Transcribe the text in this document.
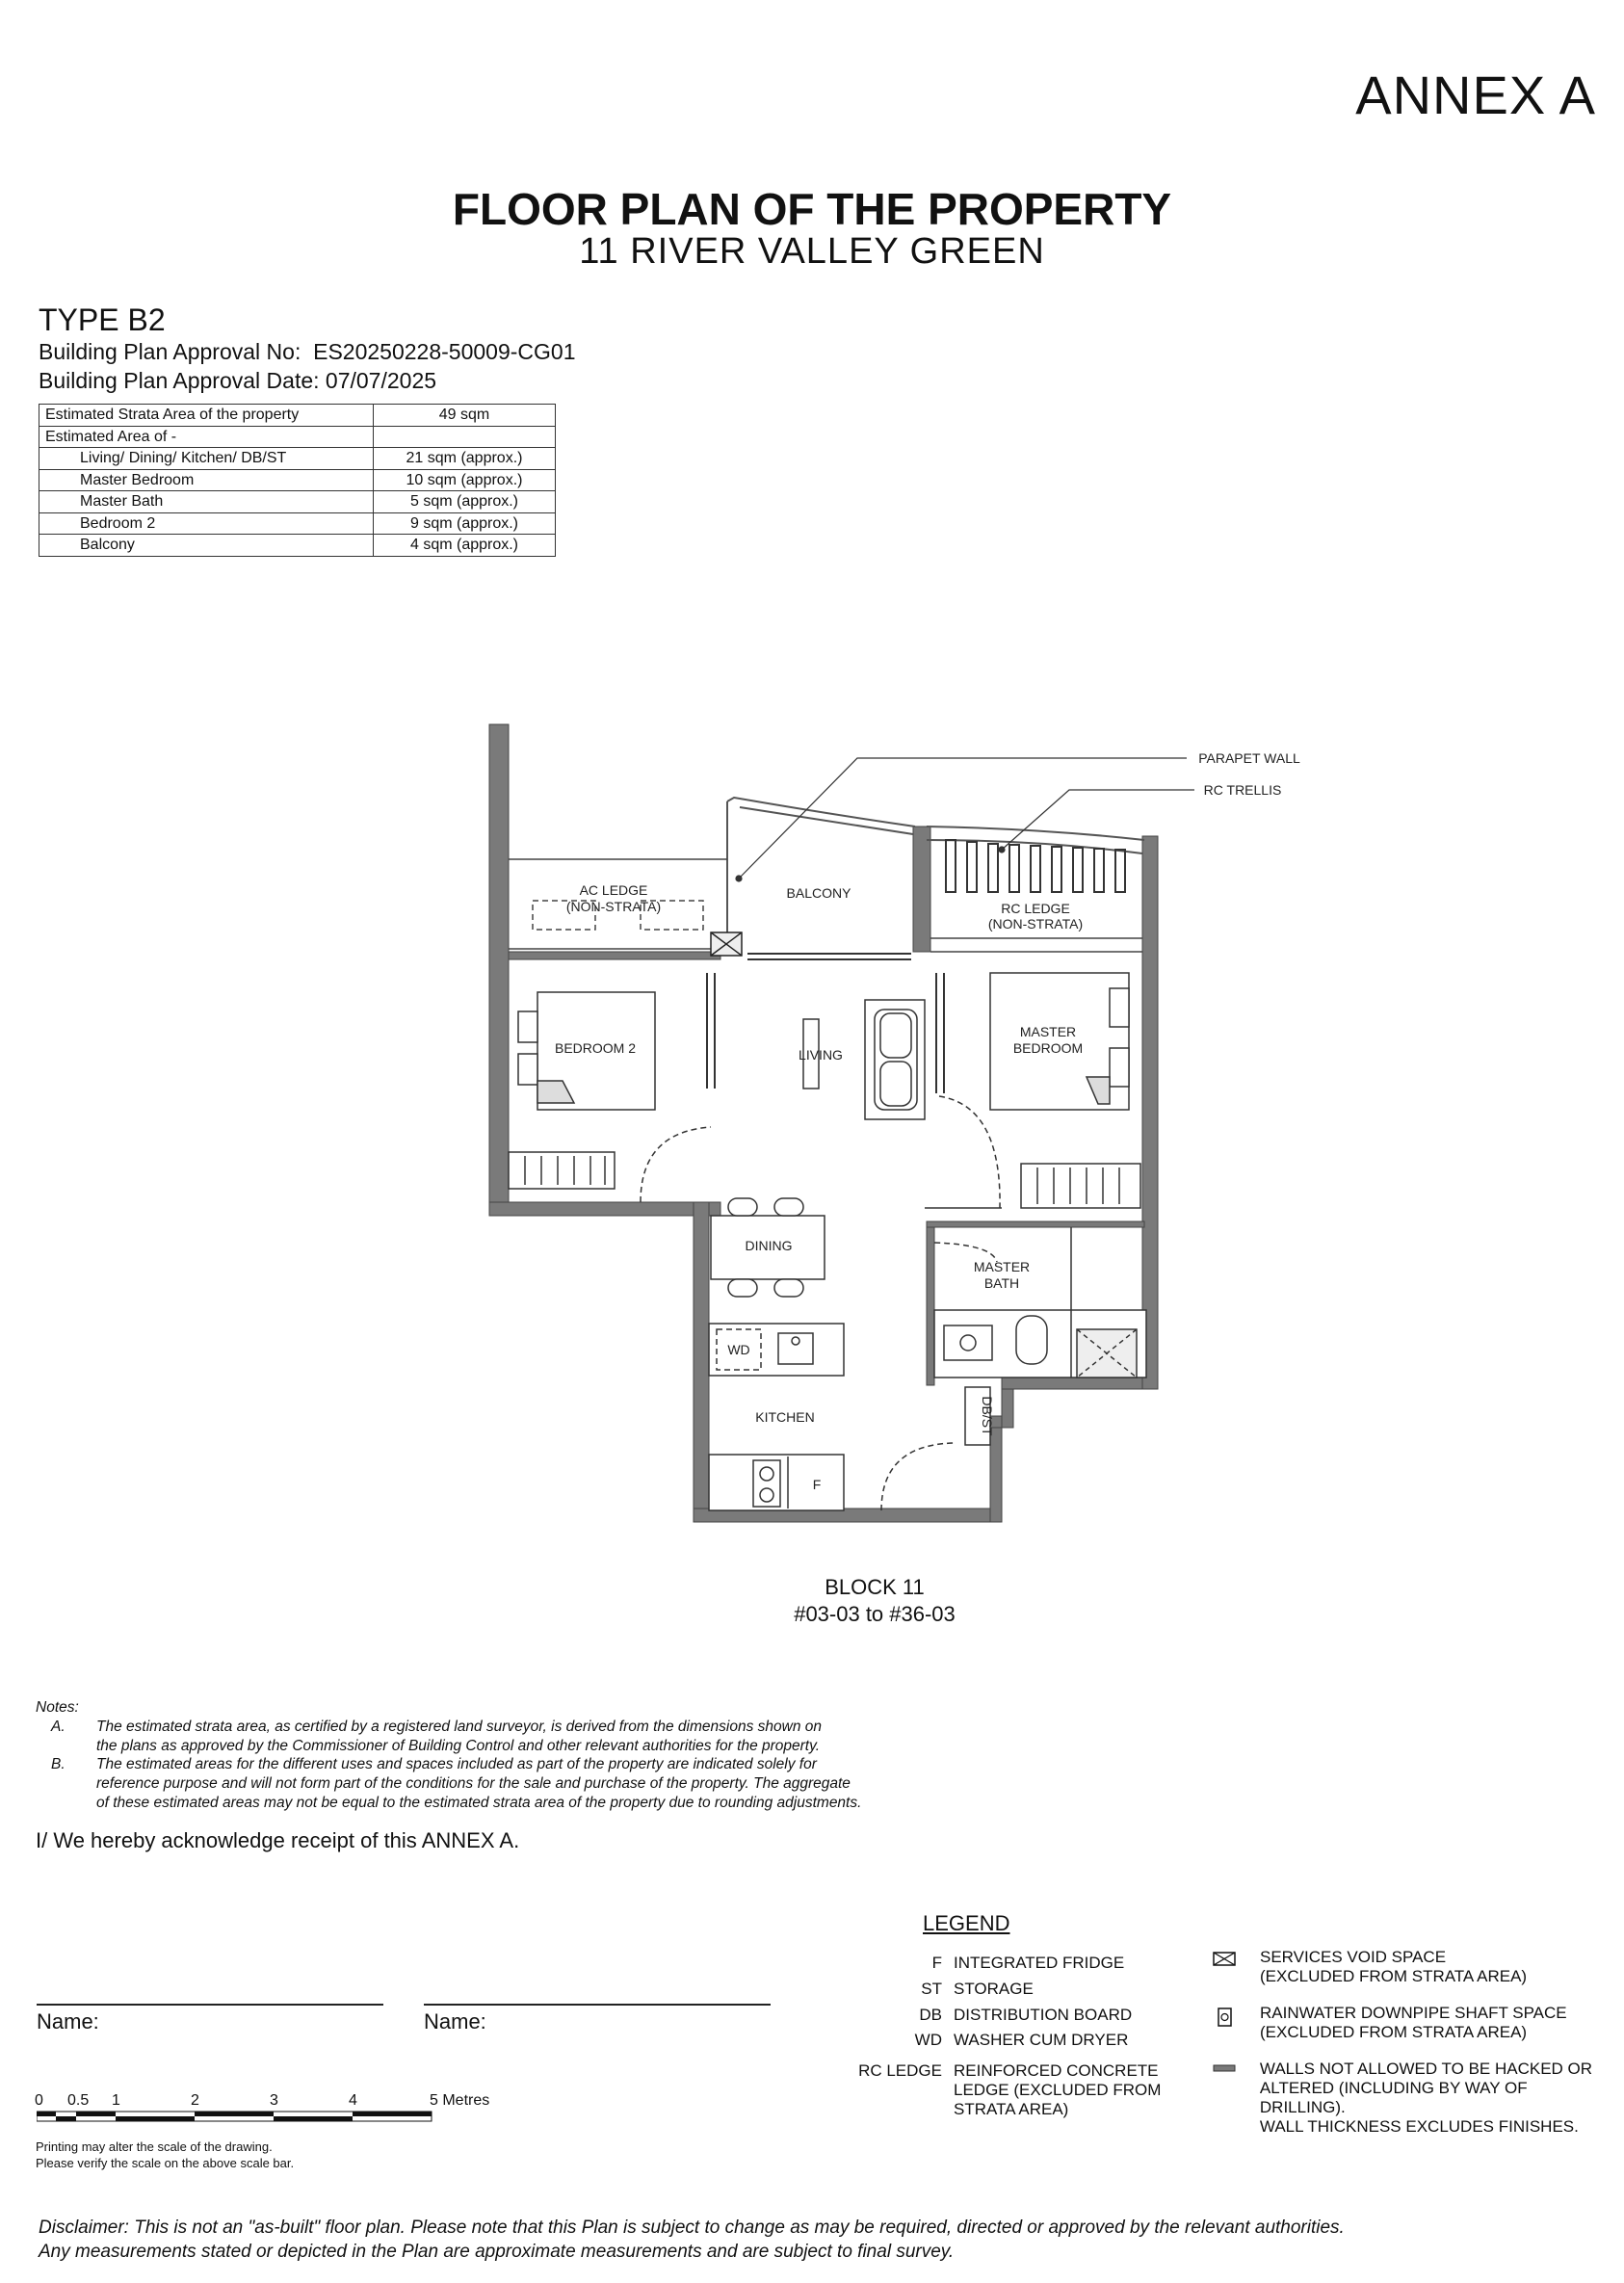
ANNEX A
FLOOR PLAN OF THE PROPERTY
11 RIVER VALLEY GREEN
TYPE B2
Building Plan Approval No: ES20250228-50009-CG01
Building Plan Approval Date: 07/07/2025
Estimated Strata Area of the property	49 sqm
Estimated Area of -	
Living/ Dining/ Kitchen/ DB/ST	21 sqm (approx.)
Master Bedroom	10 sqm (approx.)
Master Bath	5 sqm (approx.)
Bedroom 2	9 sqm (approx.)
Balcony	4 sqm (approx.)
PARAPET WALL
RC TRELLIS
AC LEDGE
(NON-STRATA)
BALCONY
RC LEDGE
(NON-STRATA)
BEDROOM 2	LIVING
MASTER
BEDROOM
DINING
MASTER
BATH
WD
KITCHEN
F
DB/ST
BLOCK 11
#03-03 to #36-03
Notes:
A.	The estimated strata area, as certified by a registered land surveyor, is derived from the dimensions shown on
the plans as approved by the Commissioner of Building Control and other relevant authorities for the property.
B.	The estimated areas for the different uses and spaces included as part of the property are indicated solely for
reference purpose and will not form part of the conditions for the sale and purchase of the property. The aggregate
of these estimated areas may not be equal to the estimated strata area of the property due to rounding adjustments.
I/ We hereby acknowledge receipt of this ANNEX A.
Name:	Name:
0 0.5 1	2	3	4	5 Metres
Printing may alter the scale of the drawing.
Please verify the scale on the above scale bar.
LEGEND
F INTEGRATED FRIDGE
ST STORAGE
DB DISTRIBUTION BOARD
WD WASHER CUM DRYER
RC LEDGE REINFORCED CONCRETE
LEDGE (EXCLUDED FROM
STRATA AREA)
SERVICES VOID SPACE
(EXCLUDED FROM STRATA AREA)
RAINWATER DOWNPIPE SHAFT SPACE
(EXCLUDED FROM STRATA AREA)
WALLS NOT ALLOWED TO BE HACKED OR
ALTERED (INCLUDING BY WAY OF DRILLING).
WALL THICKNESS EXCLUDES FINISHES.
Disclaimer: This is not an "as-built" floor plan. Please note that this Plan is subject to change as may be required, directed or approved by the relevant authorities.
Any measurements stated or depicted in the Plan are approximate measurements and are subject to final survey.
